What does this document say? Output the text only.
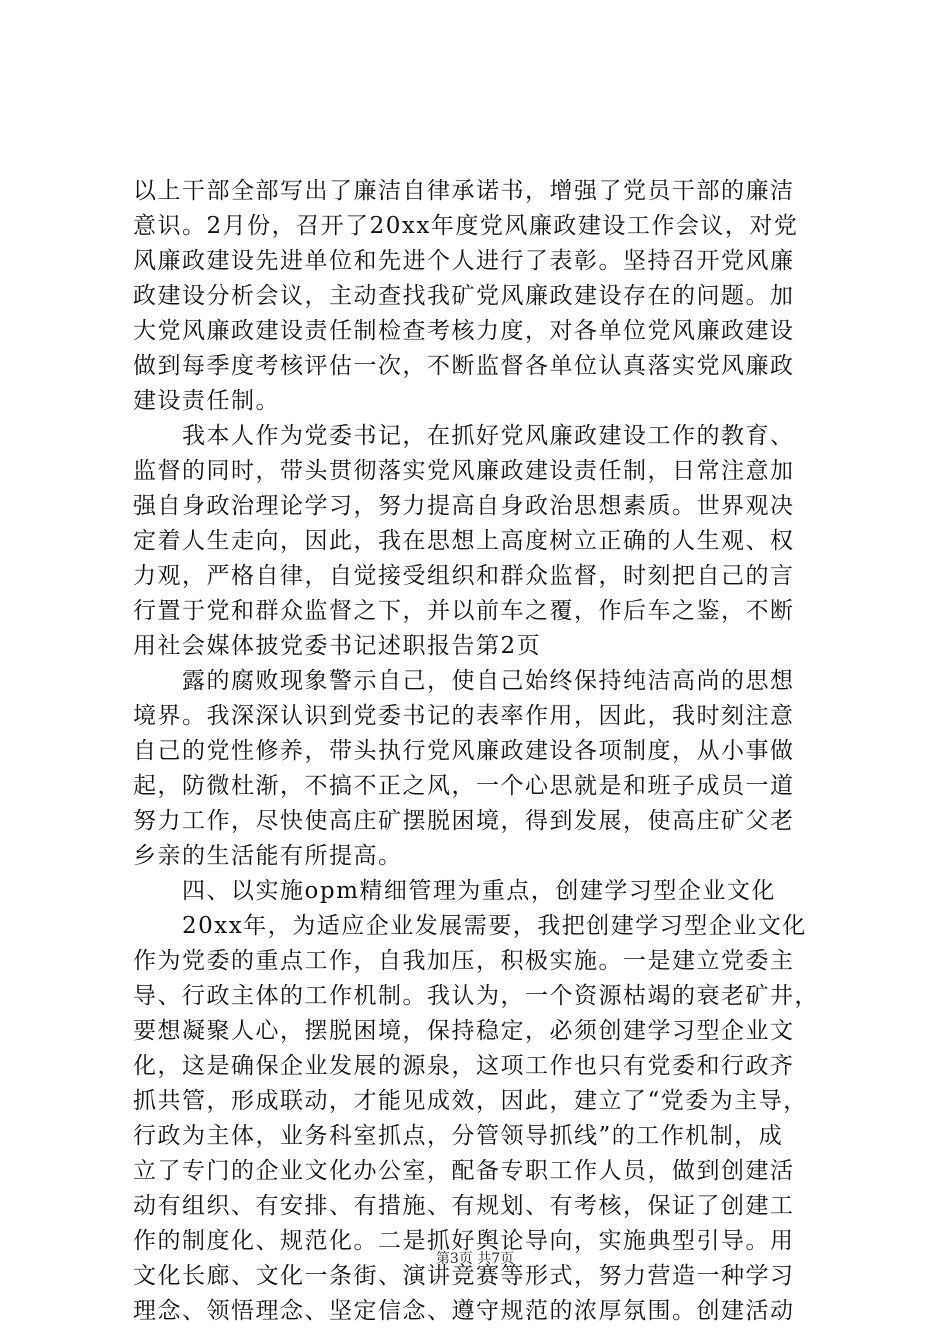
以上干部全部写出了廉洁自律承诺书，增强了党员干部的廉洁
意识。2月份，召开了20xx年度党风廉政建设工作会议，对党
风廉政建设先进单位和先进个人进行了表彰。坚持召开党风廉
政建设分析会议，主动查找我矿党风廉政建设存在的问题。加
大党风廉政建设责任制检查考核力度，对各单位党风廉政建设
做到每季度考核评估一次，不断监督各单位认真落实党风廉政
建设责任制。
　　我本人作为党委书记，在抓好党风廉政建设工作的教育、
监督的同时，带头贯彻落实党风廉政建设责任制，日常注意加
强自身政治理论学习，努力提高自身政治思想素质。世界观决
定着人生走向，因此，我在思想上高度树立正确的人生观、权
力观，严格自律，自觉接受组织和群众监督，时刻把自己的言
行置于党和群众监督之下，并以前车之覆，作后车之鉴，不断
用社会媒体披党委书记述职报告第2页
　　露的腐败现象警示自己，使自己始终保持纯洁高尚的思想
境界。我深深认识到党委书记的表率作用，因此，我时刻注意
自己的党性修养，带头执行党风廉政建设各项制度，从小事做
起，防微杜渐，不搞不正之风，一个心思就是和班子成员一道
努力工作，尽快使高庄矿摆脱困境，得到发展，使高庄矿父老
乡亲的生活能有所提高。
　　四、以实施opm精细管理为重点，创建学习型企业文化
　　20xx年，为适应企业发展需要，我把创建学习型企业文化
作为党委的重点工作，自我加压，积极实施。一是建立党委主
导、行政主体的工作机制。我认为，一个资源枯竭的衰老矿井，
要想凝聚人心，摆脱困境，保持稳定，必须创建学习型企业文
化，这是确保企业发展的源泉，这项工作也只有党委和行政齐
抓共管，形成联动，才能见成效，因此，建立了“党委为主导，
行政为主体，业务科室抓点，分管领导抓线”的工作机制，成
立了专门的企业文化办公室，配备专职工作人员，做到创建活
动有组织、有安排、有措施、有规划、有考核，保证了创建工
作的制度化、规范化。二是抓好舆论导向，实施典型引导。用
文化长廊、文化一条街、演讲竞赛等形式，努力营造一种学习
理念、领悟理念、坚定信念、遵守规范的浓厚氛围。创建活动
第3页 共7页
